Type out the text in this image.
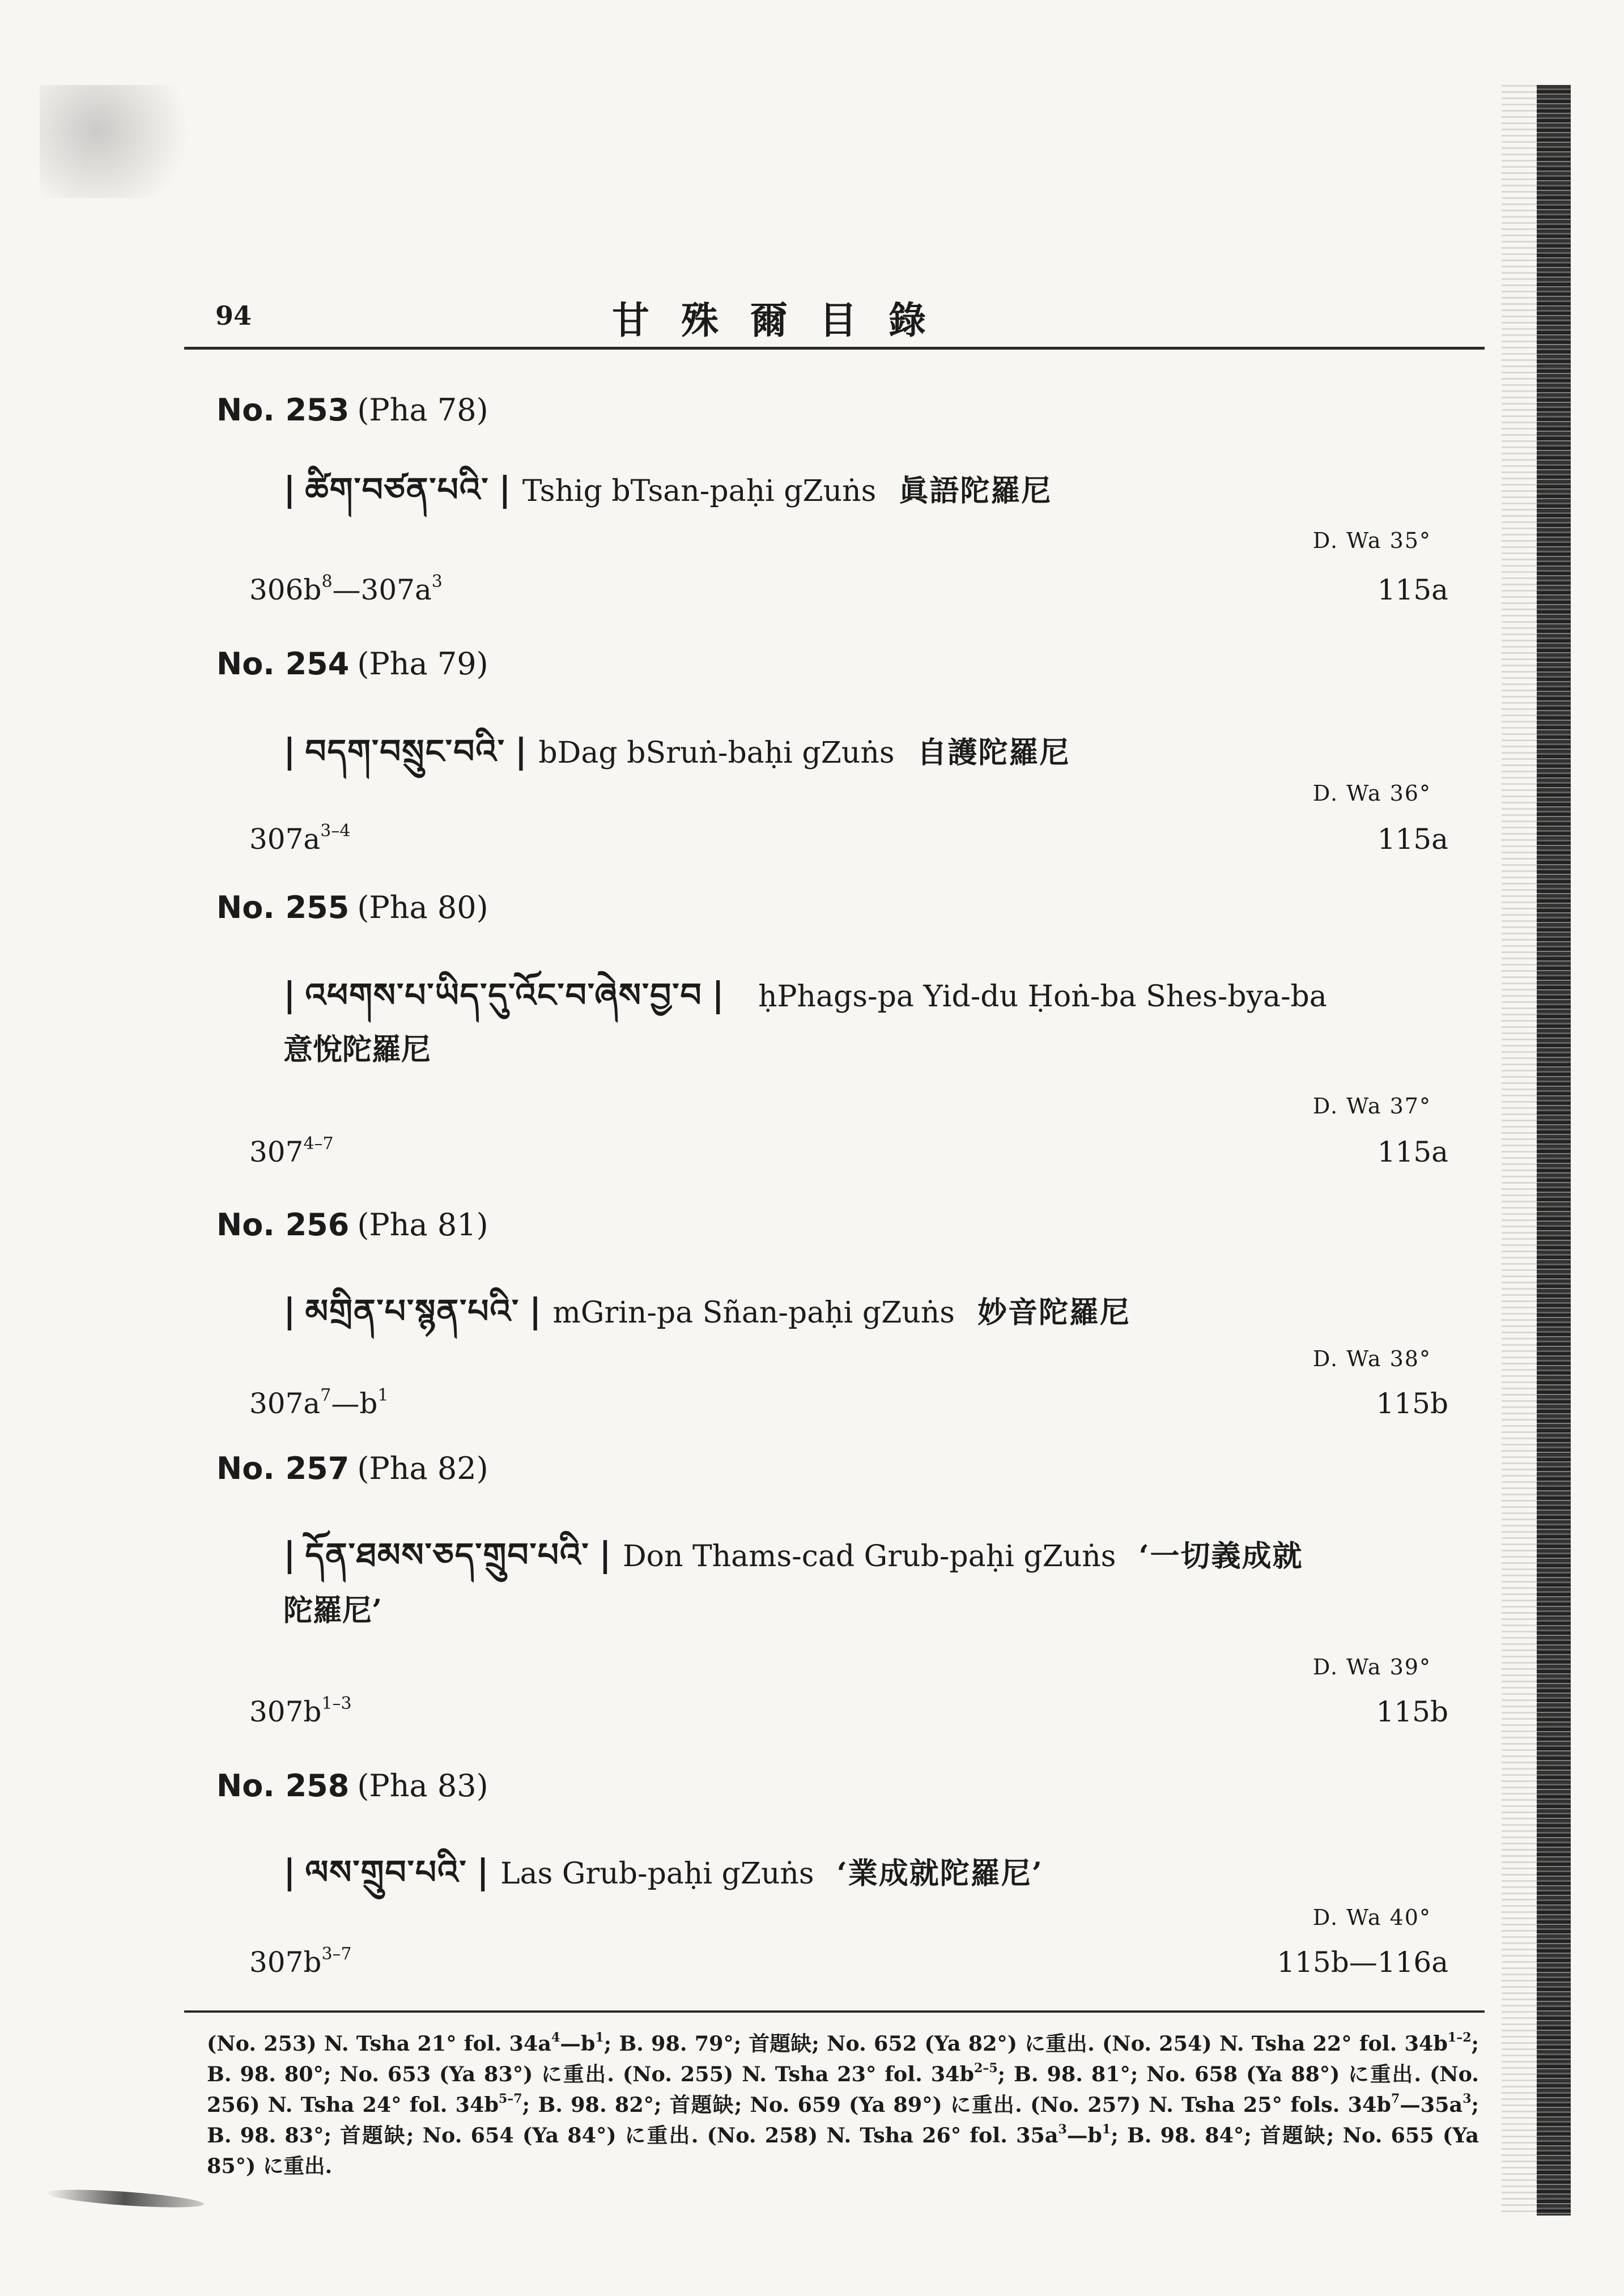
94	甘殊爾目錄
No. 253 (Pha 78)
| ཚིག་བཙན་པའི་ | Tshig bTsan-paḥi gZuṅs 眞語陀羅尼
D. Wa 35°
$306b^8—307a^3$	115a
No. 254 (Pha 79)
| བདག་བསྲུང་བའི་ | bDag bSruṅ-baḥi gZuṅs 自護陀羅尼
D. Wa 36°
$307a^{3-4}$	115a
No. 255 (Pha 80)
| འཕགས་པ་ཡིད་དུ་འོང་བ་ཞེས་བྱ་བ | ḥPhags-pa Yid-du Ḥoṅ-ba Shes-bya-ba
意悅陀羅尼
D. Wa 37°
307$^{4-7}$	115a
No. 256 (Pha 81)
| མགྲིན་པ་སྙན་པའི་ | mGrin-pa Sñan-paḥi gZuṅs 妙音陀羅尼
D. Wa 38°
$307a^7—b^1$	115b
No. 257 (Pha 82)
| དོན་ཐམས་ཅད་གྲུབ་པའི་ | Don Thams-cad Grub-paḥi gZuṅs ‘一切義成就
陀羅尼’
D. Wa 39°
$307b^{1-3}$	115b
No. 258 (Pha 83)
| ལས་གྲུབ་པའི་ | Las Grub-paḥi gZuṅs ‘業成就陀羅尼’
D. Wa 40°
$307b^{3-7}$	115b—116a
(No. 253) N. Tsha 21° fol. $34a^4—b^1$; B. 98. 79°; 首題缺; No. 652 (Ya 82°) に重出. (No. 254) N. Tsha 22° fol. $34b^{1-2}$; B. 98. 80°; No. 653 (Ya 83°) に重出. (No. 255) N. Tsha 23° fol. $34b^{2-5}$; B. 98. 81°; No. 658 (Ya 88°) に重出. (No. 256) N. Tsha 24° fol. $34b^{5-7}$; B. 98. 82°; 首題缺; No. 659 (Ya 89°) に重出. (No. 257) N. Tsha 25° fols. $34b^7—35a^3$; B. 98. 83°; 首題缺; No. 654 (Ya 84°) に重出. (No. 258) N. Tsha 26° fol. $35a^3—b^1$; B. 98. 84°; 首題缺; No. 655 (Ya 85°) に重出.
